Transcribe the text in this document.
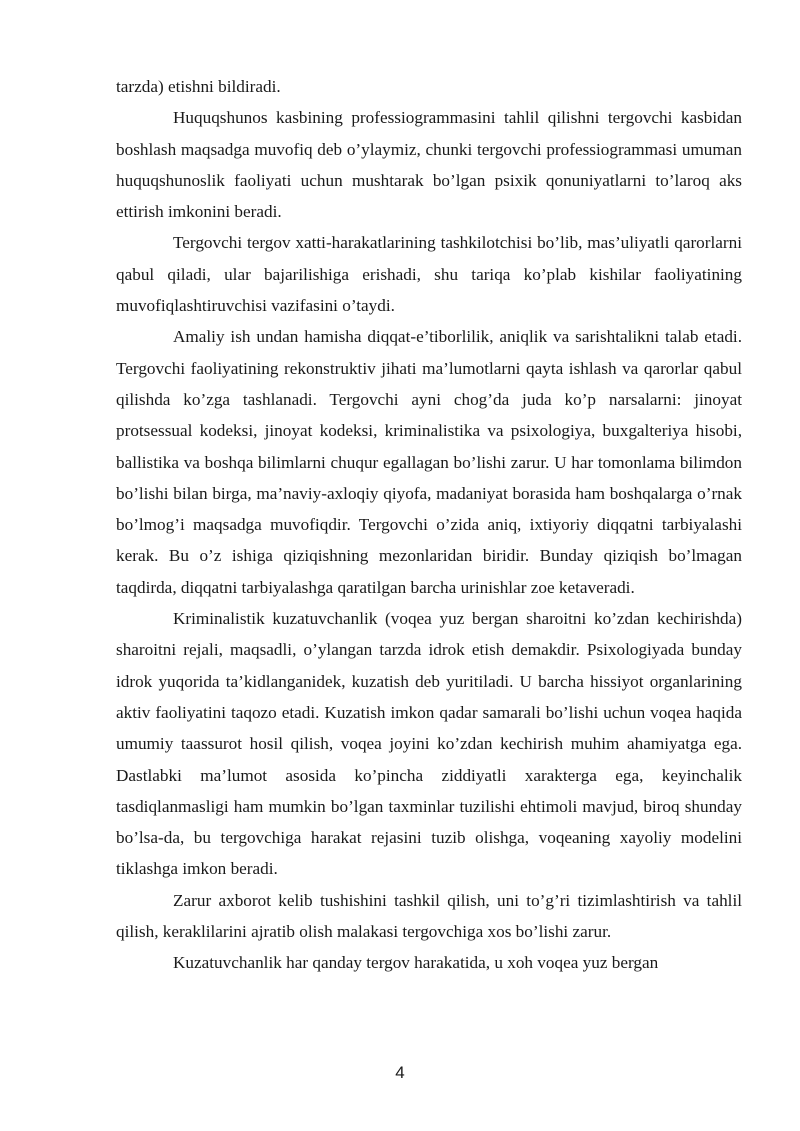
tarzda) etishni bildiradi.

Huquqshunos kasbining professiogrammasini tahlil qilishni tergovchi kasbidan boshlash maqsadga muvofiq deb o’ylaymiz, chunki tergovchi professiogrammasi umuman huquqshunoslik faoliyati uchun mushtarak bo’lgan psixik qonuniyatlarni to’laroq aks ettirish imkonini beradi.

Tergovchi tergov xatti-harakatlarining tashkilotchisi bo’lib, mas’uliyatli qarorlarni qabul qiladi, ular bajarilishiga erishadi, shu tariqa ko’plab kishilar faoliyatining muvofiqlashtiruvchisi vazifasini o’taydi.

Amaliy ish undan hamisha diqqat-e’tiborlilik, aniqlik va sarishtalikni talab etadi. Tergovchi faoliyatining rekonstruktiv jihati ma’lumotlarni qayta ishlash va qarorlar qabul qilishda ko’zga tashlanadi. Tergovchi ayni chog’da juda ko’p narsalarni: jinoyat protsessual kodeksi, jinoyat kodeksi, kriminalistika va psixologiya, buxgalteriya hisobi, ballistika va boshqa bilimlarni chuqur egallagan bo’lishi zarur. U har tomonlama bilimdon bo’lishi bilan birga, ma’naviy-axloqiy qiyofa, madaniyat borasida ham boshqalarga o’rnak bo’lmog’i maqsadga muvofiqdir. Tergovchi o’zida aniq, ixtiyoriy diqqatni tarbiyalashi kerak. Bu o’z ishiga qiziqishning mezonlaridan biridir. Bunday qiziqish bo’lmagan taqdirda, diqqatni tarbiyalashga qaratilgan barcha urinishlar zoe ketaveradi.

Kriminalistik kuzatuvchanlik (voqea yuz bergan sharoitni ko’zdan kechirishda) sharoitni rejali, maqsadli, o’ylangan tarzda idrok etish demakdir. Psixologiyada bunday idrok yuqorida ta’kidlanganidek, kuzatish deb yuritiladi. U barcha hissiyot organlarining aktiv faoliyatini taqozo etadi. Kuzatish imkon qadar samarali bo’lishi uchun voqea haqida umumiy taassurot hosil qilish, voqea joyini ko’zdan kechirish muhim ahamiyatga ega. Dastlabki ma’lumot asosida ko’pincha ziddiyatli xarakterga ega, keyinchalik tasdiqlanmasligi ham mumkin bo’lgan taxminlar tuzilishi ehtimoli mavjud, biroq shunday bo’lsa-da, bu tergovchiga harakat rejasini tuzib olishga, voqeaning xayoliy modelini tiklashga imkon beradi.

Zarur axborot kelib tushishini tashkil qilish, uni to’g’ri tizimlashtirish va tahlil qilish, keraklilarini ajratib olish malakasi tergovchiga xos bo’lishi zarur.

Kuzatuvchanlik har qanday tergov harakatida, u xoh voqea yuz bergan

4
